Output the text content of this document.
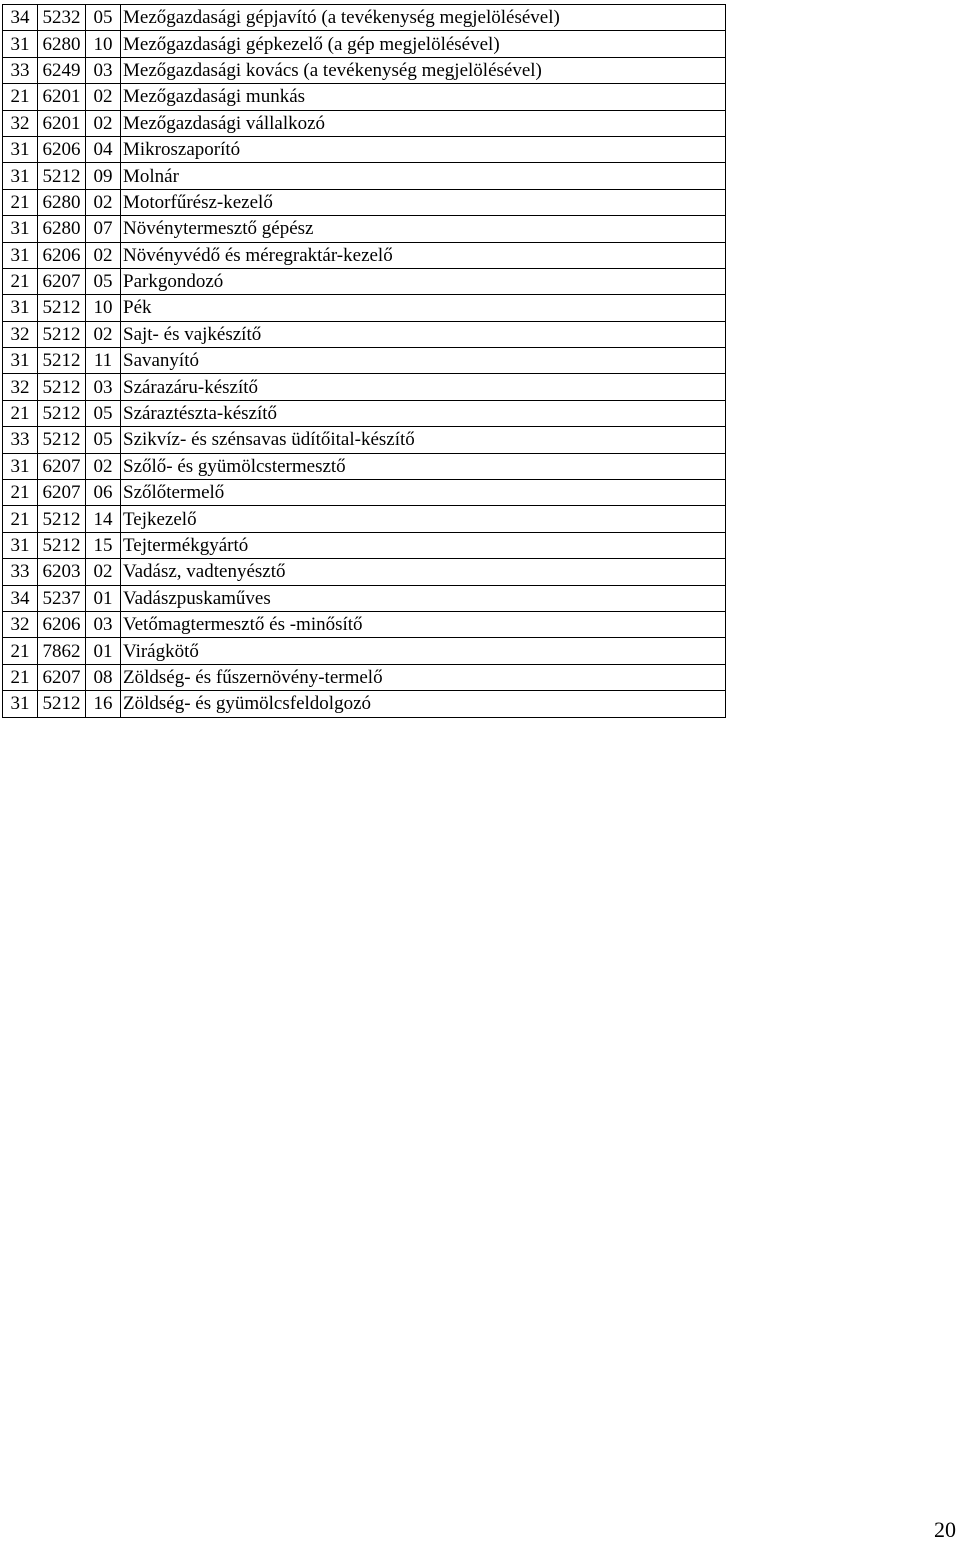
34	5232	05	Mezőgazdasági gépjavító (a tevékenység megjelölésével)
31	6280	10	Mezőgazdasági gépkezelő (a gép megjelölésével)
33	6249	03	Mezőgazdasági kovács (a tevékenység megjelölésével)
21	6201	02	Mezőgazdasági munkás
32	6201	02	Mezőgazdasági vállalkozó
31	6206	04	Mikroszaporító
31	5212	09	Molnár
21	6280	02	Motorfűrész-kezelő
31	6280	07	Növénytermesztő gépész
31	6206	02	Növényvédő és méregraktár-kezelő
21	6207	05	Parkgondozó
31	5212	10	Pék
32	5212	02	Sajt- és vajkészítő
31	5212	11	Savanyító
32	5212	03	Szárazáru-készítő
21	5212	05	Száraztészta-készítő
33	5212	05	Szikvíz- és szénsavas üdítőital-készítő
31	6207	02	Szőlő- és gyümölcstermesztő
21	6207	06	Szőlőtermelő
21	5212	14	Tejkezelő
31	5212	15	Tejtermékgyártó
33	6203	02	Vadász, vadtenyésztő
34	5237	01	Vadászpuskaműves
32	6206	03	Vetőmagtermesztő és -minősítő
21	7862	01	Virágkötő
21	6207	08	Zöldség- és fűszernövény-termelő
31	5212	16	Zöldség- és gyümölcsfeldolgozó
20
